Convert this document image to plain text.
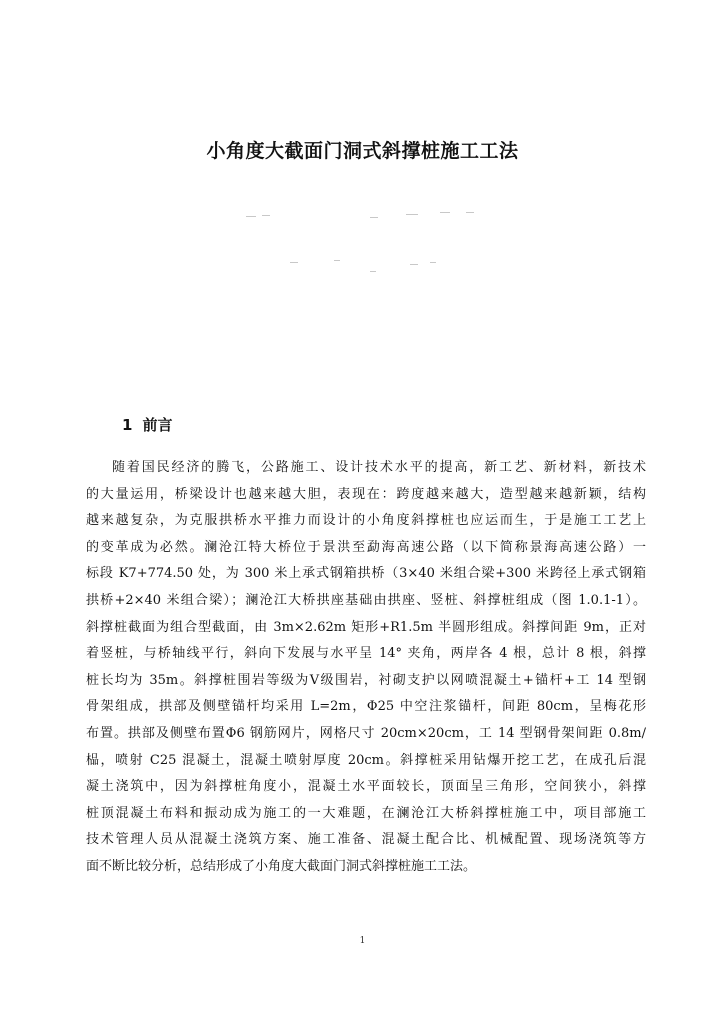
小角度大截面门洞式斜撑桩施工工法
1 前言
随着国民经济的腾飞，公路施工、设计技术水平的提高，新工艺、新材料，新技术
的大量运用，桥梁设计也越来越大胆，表现在：跨度越来越大，造型越来越新颖，结构
越来越复杂，为克服拱桥水平推力而设计的小角度斜撑桩也应运而生，于是施工工艺上
的变革成为必然。澜沧江特大桥位于景洪至勐海高速公路（以下简称景海高速公路）一
标段 K7+774.50 处，为 300 米上承式钢箱拱桥（3×40 米组合梁+300 米跨径上承式钢箱
拱桥+2×40 米组合梁）；澜沧江大桥拱座基础由拱座、竖桩、斜撑桩组成（图 1.0.1-1）。
斜撑桩截面为组合型截面，由 3m×2.62m 矩形+R1.5m 半圆形组成。斜撑间距 9m，正对
着竖桩，与桥轴线平行，斜向下发展与水平呈 14° 夹角，两岸各 4 根，总计 8 根，斜撑
桩长均为 35m。斜撑桩围岩等级为Ⅴ级围岩，衬砌支护以网喷混凝土+锚杆+工 14 型钢
骨架组成，拱部及侧壁锚杆均采用 L=2m，Φ25 中空注浆锚杆，间距 80cm，呈梅花形
布置。拱部及侧壁布置Φ6 钢筋网片，网格尺寸 20cm×20cm，工 14 型钢骨架间距 0.8m/
榀，喷射 C25 混凝土，混凝土喷射厚度 20cm。斜撑桩采用钻爆开挖工艺，在成孔后混
凝土浇筑中，因为斜撑桩角度小，混凝土水平面较长，顶面呈三角形，空间狭小，斜撑
桩顶混凝土布料和振动成为施工的一大难题，在澜沧江大桥斜撑桩施工中，项目部施工
技术管理人员从混凝土浇筑方案、施工准备、混凝土配合比、机械配置、现场浇筑等方
面不断比较分析，总结形成了小角度大截面门洞式斜撑桩施工工法。
1
